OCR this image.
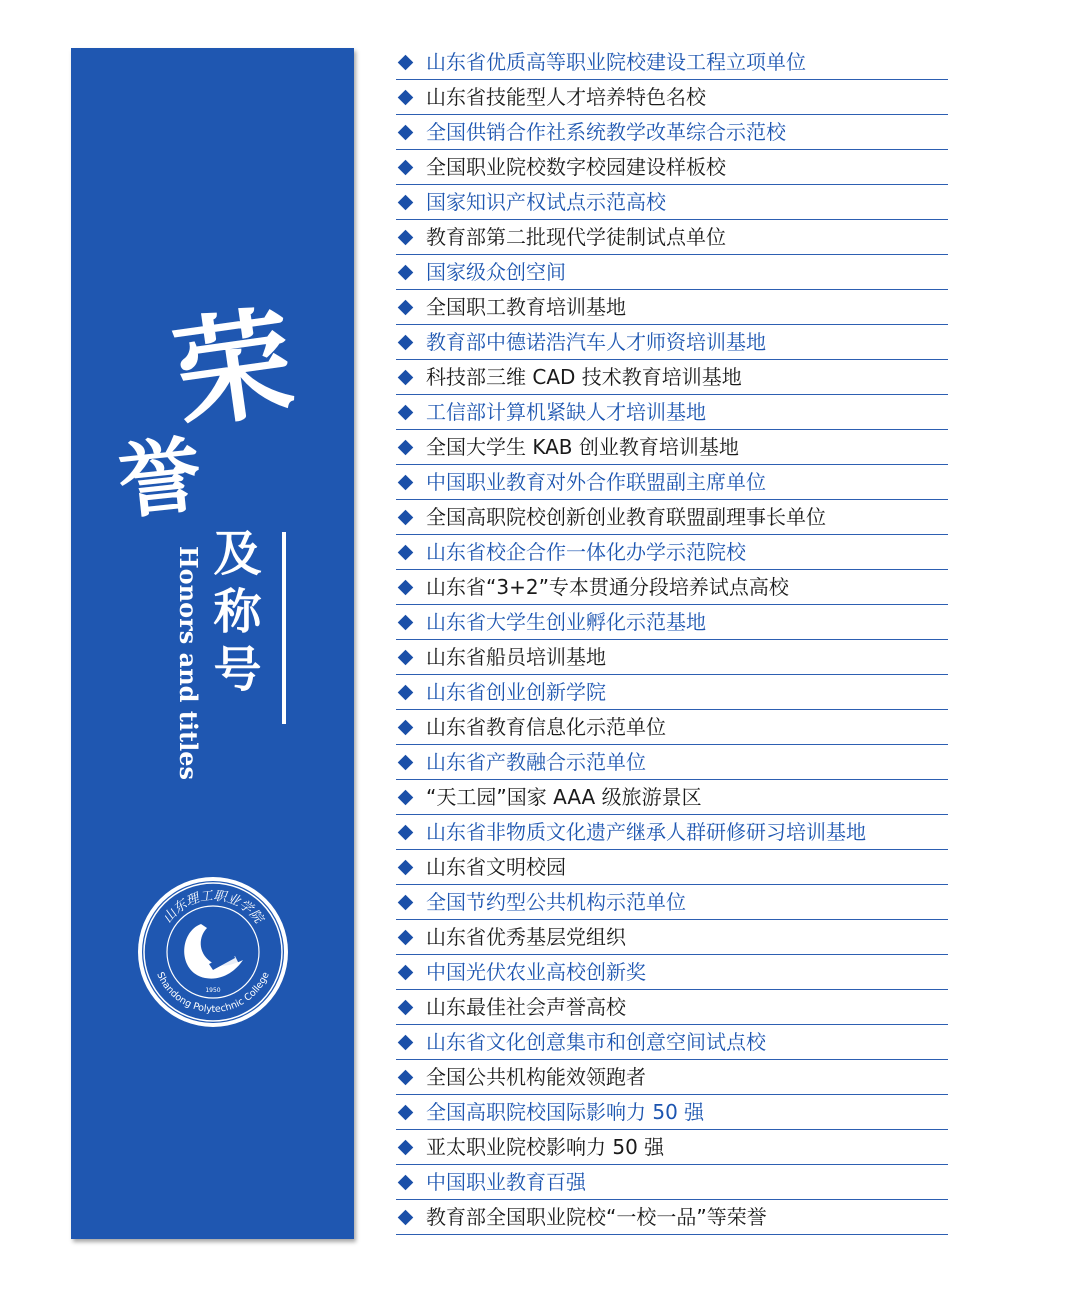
荣
誉
及称号
Honors and titles
山东理工职业学院
Shandong Polytechnic College
1950
山东省优质高等职业院校建设工程立项单位
山东省技能型人才培养特色名校
全国供销合作社系统教学改革综合示范校
全国职业院校数字校园建设样板校
国家知识产权试点示范高校
教育部第二批现代学徒制试点单位
国家级众创空间
全国职工教育培训基地
教育部中德诺浩汽车人才师资培训基地
科技部三维 CAD 技术教育培训基地
工信部计算机紧缺人才培训基地
全国大学生 KAB 创业教育培训基地
中国职业教育对外合作联盟副主席单位
全国高职院校创新创业教育联盟副理事长单位
山东省校企合作一体化办学示范院校
山东省“3+2”专本贯通分段培养试点高校
山东省大学生创业孵化示范基地
山东省船员培训基地
山东省创业创新学院
山东省教育信息化示范单位
山东省产教融合示范单位
“天工园”国家 AAA 级旅游景区
山东省非物质文化遗产继承人群研修研习培训基地
山东省文明校园
全国节约型公共机构示范单位
山东省优秀基层党组织
中国光伏农业高校创新奖
山东最佳社会声誉高校
山东省文化创意集市和创意空间试点校
全国公共机构能效领跑者
全国高职院校国际影响力 50 强
亚太职业院校影响力 50 强
中国职业教育百强
教育部全国职业院校“一校一品”等荣誉
